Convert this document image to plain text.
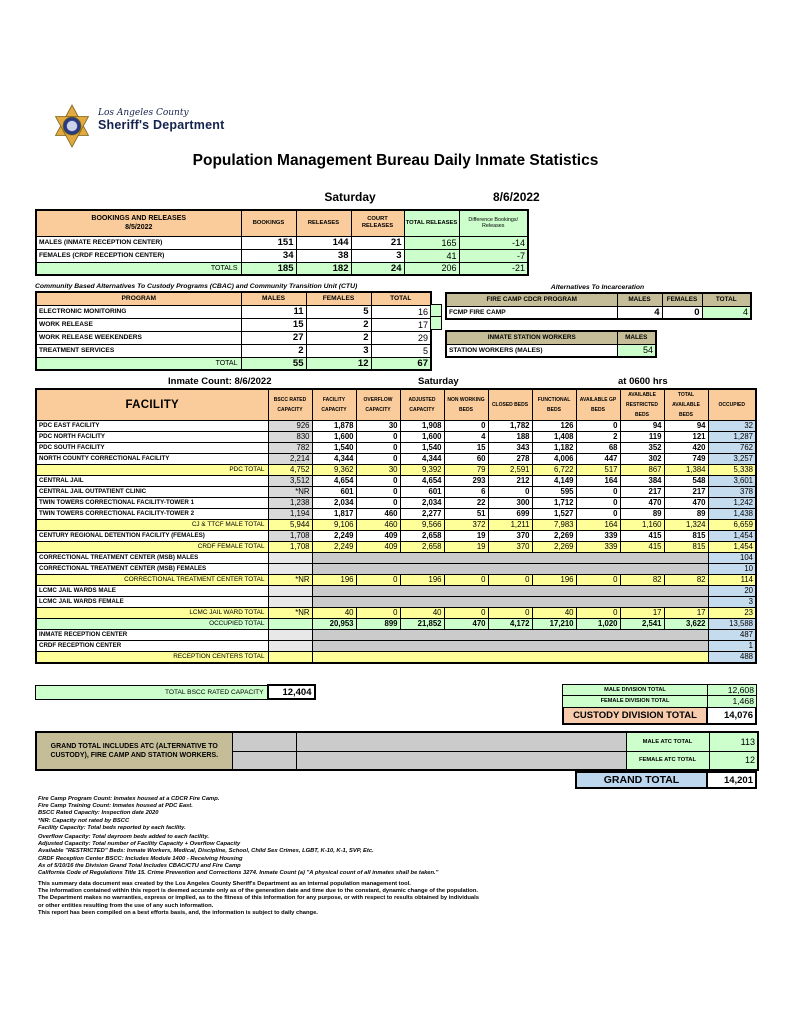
Los Angeles County
Sheriff's Department
Population Management Bureau Daily Inmate Statistics
Saturday	8/6/2022
BOOKINGS AND RELEASES
8/5/2022	BOOKINGS	RELEASES	COURT RELEASES	TOTAL RELEASES	Difference Bookings/ Releases
MALES (INMATE RECEPTION CENTER)	151	144	21	165	-14
FEMALES (CRDF RECEPTION CENTER)	34	38	3	41	-7
TOTALS	185	182	24	206	-21
Community Based Alternatives To Custody Programs (CBAC) and Community Transition Unit (CTU)
PROGRAM	MALES	FEMALES	TOTAL
ELECTRONIC MONITORING	11	5	16
WORK RELEASE	15	2	17
WORK RELEASE WEEKENDERS	27	2	29
TREATMENT SERVICES	2	3	5
TOTAL	55	12	67
Alternatives To Incarceration
FIRE CAMP CDCR PROGRAM	MALES	FEMALES	TOTAL
FCMP FIRE CAMP	4	0	4
INMATE STATION WORKERS	MALES
STATION WORKERS (MALES)	54
Inmate Count: 8/6/2022	Saturday	at 0600 hrs
FACILITY	BSCC RATED CAPACITY	FACILITY CAPACITY	OVERFLOW CAPACITY	ADJUSTED CAPACITY	NON WORKING BEDS	CLOSED BEDS	FUNCTIONAL BEDS	AVAILABLE GP BEDS	AVAILABLE RESTRICTED BEDS	TOTAL AVAILABLE BEDS	OCCUPIED
PDC EAST FACILITY	926	1,878	30	1,908	0	1,782	126	0	94	94	32
PDC NORTH FACILITY	830	1,600	0	1,600	4	188	1,408	2	119	121	1,287
PDC SOUTH FACILITY	782	1,540	0	1,540	15	343	1,182	68	352	420	762
NORTH COUNTY CORRECTIONAL FACILITY	2,214	4,344	0	4,344	60	278	4,006	447	302	749	3,257
PDC TOTAL	4,752	9,362	30	9,392	79	2,591	6,722	517	867	1,384	5,338
CENTRAL JAIL	3,512	4,654	0	4,654	293	212	4,149	164	384	548	3,601
CENTRAL JAIL OUTPATIENT CLINIC	*NR	601	0	601	6	0	595	0	217	217	378
TWIN TOWERS CORRECTIONAL FACILITY-TOWER 1	1,238	2,034	0	2,034	22	300	1,712	0	470	470	1,242
TWIN TOWERS CORRECTIONAL FACILITY-TOWER 2	1,194	1,817	460	2,277	51	699	1,527	0	89	89	1,438
CJ & TTCF MALE TOTAL	5,944	9,106	460	9,566	372	1,211	7,983	164	1,160	1,324	6,659
CENTURY REGIONAL DETENTION FACILITY (FEMALES)	1,708	2,249	409	2,658	19	370	2,269	339	415	815	1,454
CRDF FEMALE TOTAL	1,708	2,249	409	2,658	19	370	2,269	339	415	815	1,454
CORRECTIONAL TREATMENT CENTER (MSB) MALES											104
CORRECTIONAL TREATMENT CENTER (MSB) FEMALES											10
CORRECTIONAL TREATMENT CENTER TOTAL	*NR	196	0	196	0	0	196	0	82	82	114
LCMC JAIL WARDS MALE											20
LCMC JAIL WARDS FEMALE											3
LCMC JAIL WARD TOTAL	*NR	40	0	40	0	0	40	0	17	17	23
OCCUPIED TOTAL		20,953	899	21,852	470	4,172	17,210	1,020	2,541	3,622	13,588
INMATE RECEPTION CENTER											487
CRDF RECEPTION CENTER											1
RECEPTION CENTERS TOTAL											488
TOTAL BSCC RATED CAPACITY	12,404	MALE DIVISION TOTAL	12,608
FEMALE DIVISION TOTAL	1,468
CUSTODY DIVISION TOTAL	14,076
GRAND TOTAL INCLUDES ATC (ALTERNATIVE TO CUSTODY), FIRE CAMP AND STATION WORKERS.			MALE ATC TOTAL	113
			FEMALE ATC TOTAL	12
GRAND TOTAL	14,201
Fire Camp Program Count: Inmates housed at a CDCR Fire Camp.
Fire Camp Training Count: Inmates housed at PDC East.
BSCC Rated Capacity: Inspection date 2020
*NR: Capacity not rated by BSCC
Facility Capacity: Total beds reported by each facility.
Overflow Capacity: Total dayroom beds added to each facility.
Adjusted Capacity: Total number of Facility Capacity + Overflow Capacity
Available "RESTRICTED" Beds: Inmate Workers, Medical, Discipline, School, Child Sex Crimes, LGBT, K-10, K-1, SVP, Etc.
CRDF Reception Center BSCC: Includes Module 1400 - Receiving Housing
As of 5/10/16 the Division Grand Total Includes CBAC/CTU and Fire Camp
California Code of Regulations Title 15. Crime Prevention and Corrections 3274. Inmate Count (a) "A physical count of all inmates shall be taken."
This summary data document was created by the Los Angeles County Sheriff's Department as an internal population management tool.
The information contained within this report is deemed accurate only as of the generation date and time due to the constant, dynamic change of the population.
The Department makes no warranties, express or implied, as to the fitness of this information for any purpose, or with respect to results obtained by individuals
or other entities resulting from the use of any such information.
This report has been compiled on a best efforts basis, and, the information is subject to daily change.
